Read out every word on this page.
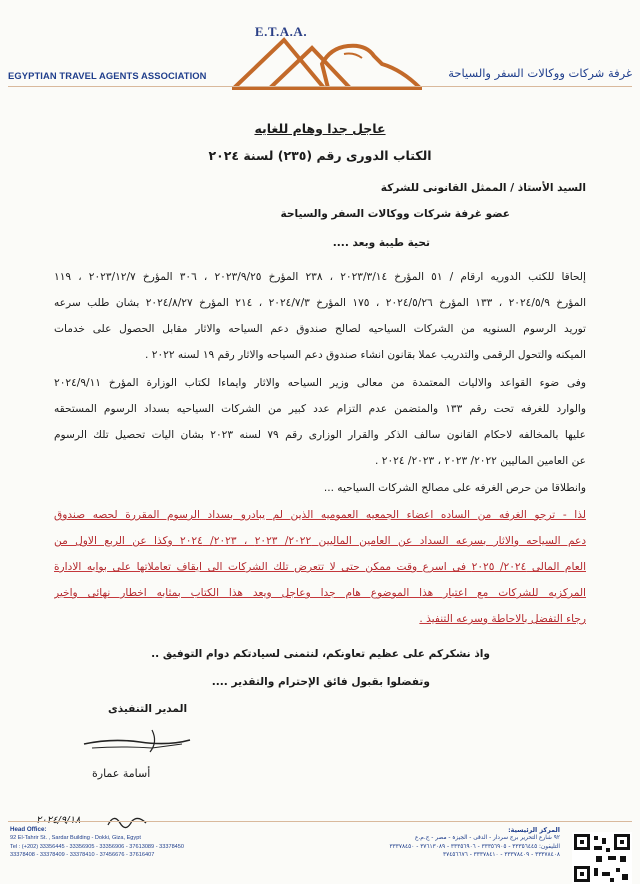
E.T.A.A.
EGYPTIAN TRAVEL AGENTS ASSOCIATION	غرفة شركات ووكالات السفر والسياحة
عاجل جدا وهام للغايه
الكتاب الدورى رقم (٢٣٥) لسنة ٢٠٢٤
السيد الأستاذ / الممثل القانونى للشركة
عضو غرفة شركات ووكالات السفر والسياحة
تحية طيبة وبعد ....
إلحاقا للكتب الدوريه ارقام / ٥١ المؤرخ ٢٠٢٣/٣/١٤ ، ٢٣٨ المؤرخ ٢٠٢٣/٩/٢٥ ، ٣٠٦ المؤرخ ٢٠٢٣/١٢/٧ ، ١١٩
المؤرخ ٢٠٢٤/٥/٩ ، ١٣٣ المؤرخ ٢٠٢٤/٥/٢٦ ، ١٧٥ المؤرخ ٢٠٢٤/٧/٣ ، ٢١٤ المؤرخ ٢٠٢٤/٨/٢٧ بشان طلب سرعه
توريد الرسوم السنويه من الشركات السياحيه لصالح صندوق دعم السياحه والاثار مقابل الحصول على خدمات
الميكنه والتحول الرقمى والتدريب عملا بقانون انشاء صندوق دعم السياحه والاثار رقم ١٩ لسنه ٢٠٢٢ .
وفى ضوء القواعد والاليات المعتمدة من معالى وزير السياحه والاثار وايماءا لكتاب الوزارة المؤرخ ٢٠٢٤/٩/١١
والوارد للغرفه تحت رقم ١٣٣ والمتضمن عدم التزام عدد كبير من الشركات السياحيه بسداد الرسوم المستحقه
عليها بالمخالفه لاحكام القانون سالف الذكر والقرار الوزارى رقم ٧٩ لسنه ٢٠٢٣ بشان اليات تحصيل تلك الرسوم
عن العامين الماليين ٢٠٢٢/ ٢٠٢٣ ، ٢٠٢٣/ ٢٠٢٤ .
وانطلاقا من حرص الغرفه على مصالح الشركات السياحيه ...
لذا - ترجو الغرفه من الساده اعضاء الجمعيه العموميه الذين لم يبادرو بسداد الرسوم المقررة لحصه صندوق
دعم السياحه والاثار بسرعه السداد عن العامين الماليين ٢٠٢٢/ ٢٠٢٣ ، ٢٠٢٣/ ٢٠٢٤ وكذا عن الربع الاول من
العام المالى ٢٠٢٤/ ٢٠٢٥ فى اسرع وقت ممكن حتى لا تتعرض تلك الشركات الى ايقاف تعاملاتها على بوابه الادارة
المركزيه للشركات مع اعتبار هذا الموضوع هام جدا وعاجل ويعد هذا الكتاب بمثابه اخطار نهائى واخير
رجاء التفضل بالاحاطة وسرعه التنفيذ .
واذ نشكركم على عظيم تعاونكم، لنتمنى لسيادتكم دوام التوفيق ..
وتفضلوا بقبول فائق الإحترام والتقدير ....
المدير التنفيذى
أسامة عمارة
Head Office:
92 El-Tahrir St. , Sardar Building - Dokki, Giza, Egypt
Tel : (+202) 33356445 - 33356905 - 33356906 - 37613089 - 33378450
33378408 - 33378409 - 33378410 - 37456676 - 37616407
المركز الرئيسية:
٩٢ شارع التحرير برج سردار - الدقى - الجيزة - مصر - ج.م.ع
التليفون: ٣٣٣٥٦٤٤٥ - ٣٣٣٥٦٩٠٥ - ٣٣٣٥٦٩٠٦ - ٣٧٦١٣٠٨٩ - ٣٣٣٧٨٤٥٠
٣٣٣٧٨٤٠٨ - ٣٣٣٧٨٤٠٩ - ٣٣٣٧٨٤١٠ - ٣٧٤٥٦٦٧٦
